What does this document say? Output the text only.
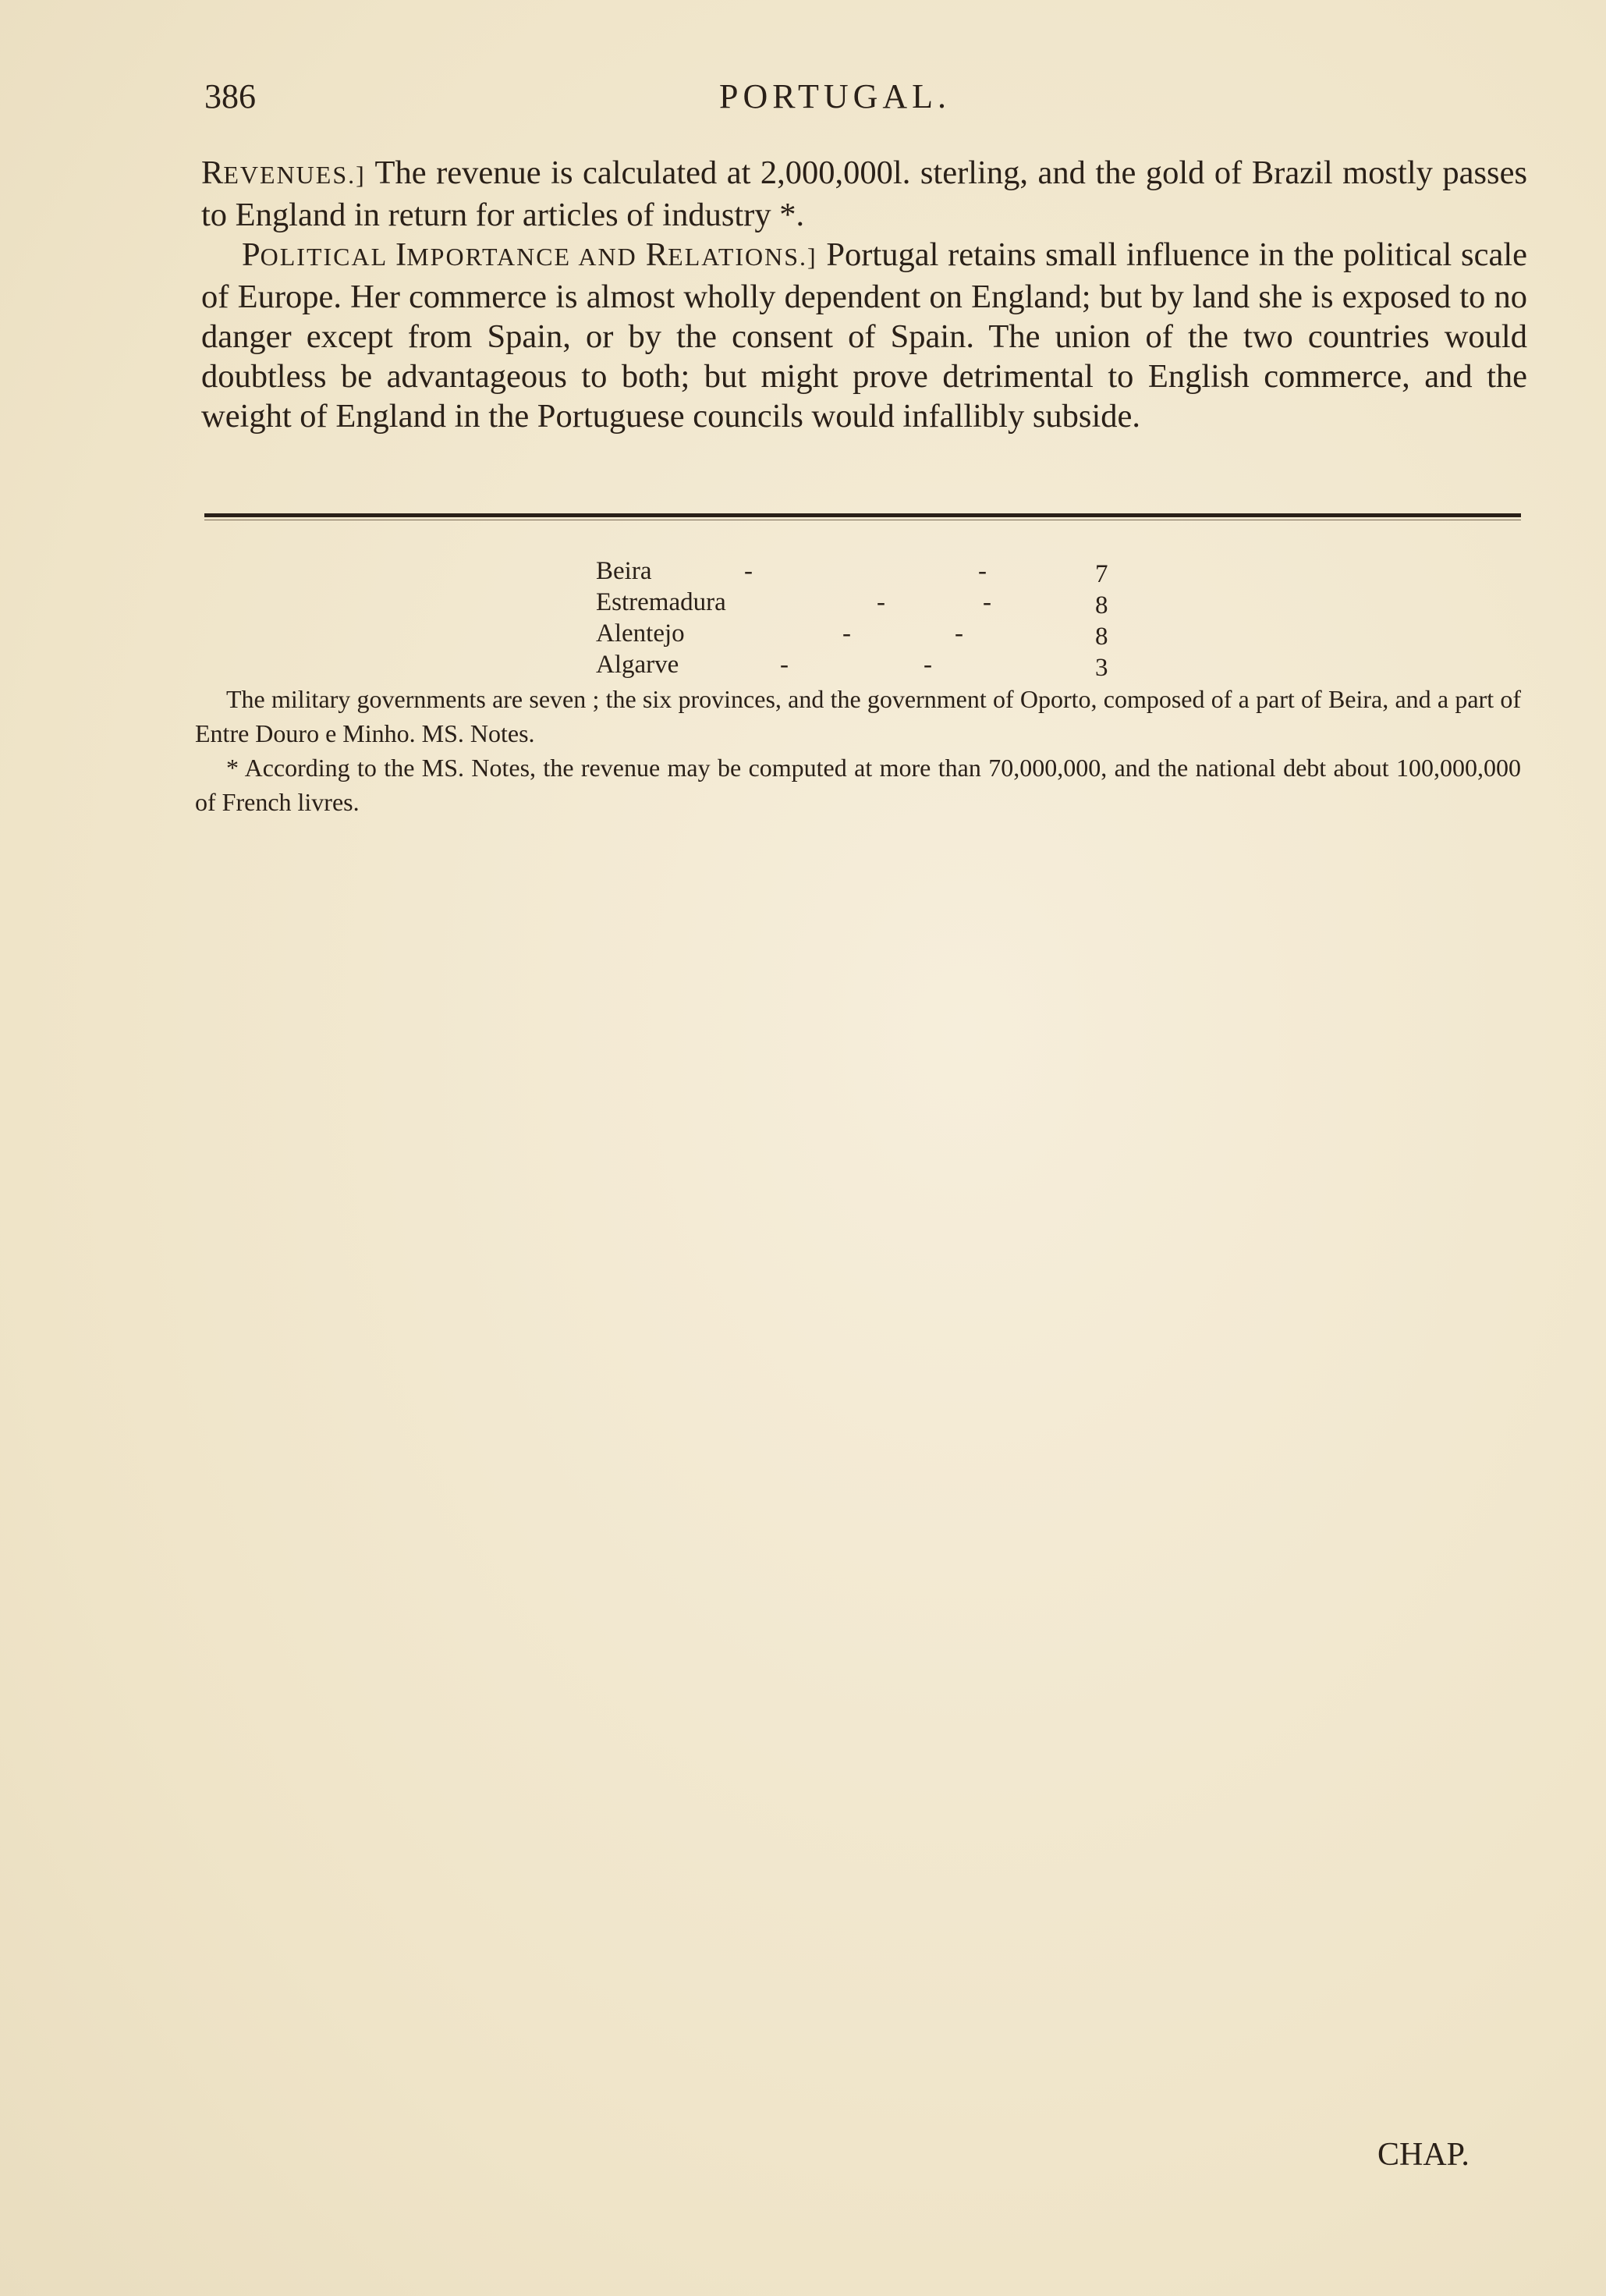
386	PORTUGAL.

REVENUES.] The revenue is calculated at 2,000,000l. sterling, and the gold of Brazil mostly passes to England in return for articles of industry *.

POLITICAL IMPORTANCE AND RELATIONS.] Portugal retains small influence in the political scale of Europe. Her commerce is almost wholly dependent on England; but by land she is exposed to no danger except from Spain, or by the consent of Spain. The union of the two countries would doubtless be advantageous to both; but might prove detrimental to English commerce, and the weight of England in the Portuguese councils would infallibly subside.

Beira	-	-	7
Estremadura	-	-	8
Alentejo	-	-	8
Algarve	-	-	3

The military governments are seven ; the six provinces, and the government of Oporto, composed of a part of Beira, and a part of Entre Douro e Minho. MS. Notes.

* According to the MS. Notes, the revenue may be computed at more than 70,000,000, and the national debt about 100,000,000 of French livres.

CHAP.
